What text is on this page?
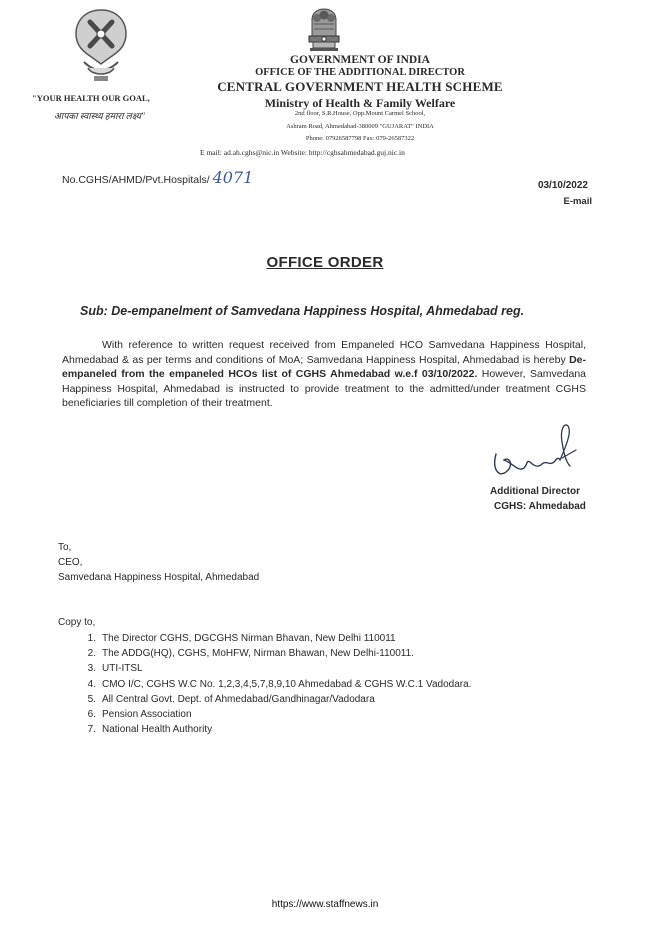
GOVERNMENT OF INDIA
OFFICE OF THE ADDITIONAL DIRECTOR
CENTRAL GOVERNMENT HEALTH SCHEME
Ministry of Health & Family Welfare
2nd floor, S.R.House, Opp.Mount Carmel School,
Ashram Road, Ahmedabad-380009 "GUJARAT" INDIA
Phone: 07926587798 Fax: 079-26587322
E mail: ad.ah.cghs@nic.in Website: http://cghsahmedabad.guj.nic.in
"YOUR HEALTH OUR GOAL,
आपका स्वास्थ्य हमारा लक्ष्य"
No.CGHS/AHMD/Pvt.Hospitals/ 4071	03/10/2022
E-mail
OFFICE ORDER
Sub: De-empanelment of Samvedana Happiness Hospital, Ahmedabad reg.
With reference to written request received from Empaneled HCO Samvedana Happiness Hospital, Ahmedabad & as per terms and conditions of MoA; Samvedana Happiness Hospital, Ahmedabad is hereby De-empaneled from the empaneled HCOs list of CGHS Ahmedabad w.e.f 03/10/2022. However, Samvedana Happiness Hospital, Ahmedabad is instructed to provide treatment to the admitted/under treatment CGHS beneficiaries till completion of their treatment.
Additional Director
CGHS: Ahmedabad
To,
CEO,
Samvedana Happiness Hospital, Ahmedabad
Copy to,
1. The Director CGHS, DGCGHS Nirman Bhavan, New Delhi 110011
2. The ADDG(HQ), CGHS, MoHFW, Nirman Bhawan, New Delhi-110011.
3. UTI-ITSL
4. CMO I/C, CGHS W.C No. 1,2,3,4,5,7,8,9,10 Ahmedabad & CGHS W.C.1 Vadodara.
5. All Central Govt. Dept. of Ahmedabad/Gandhinagar/Vadodara
6. Pension Association
7. National Health Authority
https://www.staffnews.in
